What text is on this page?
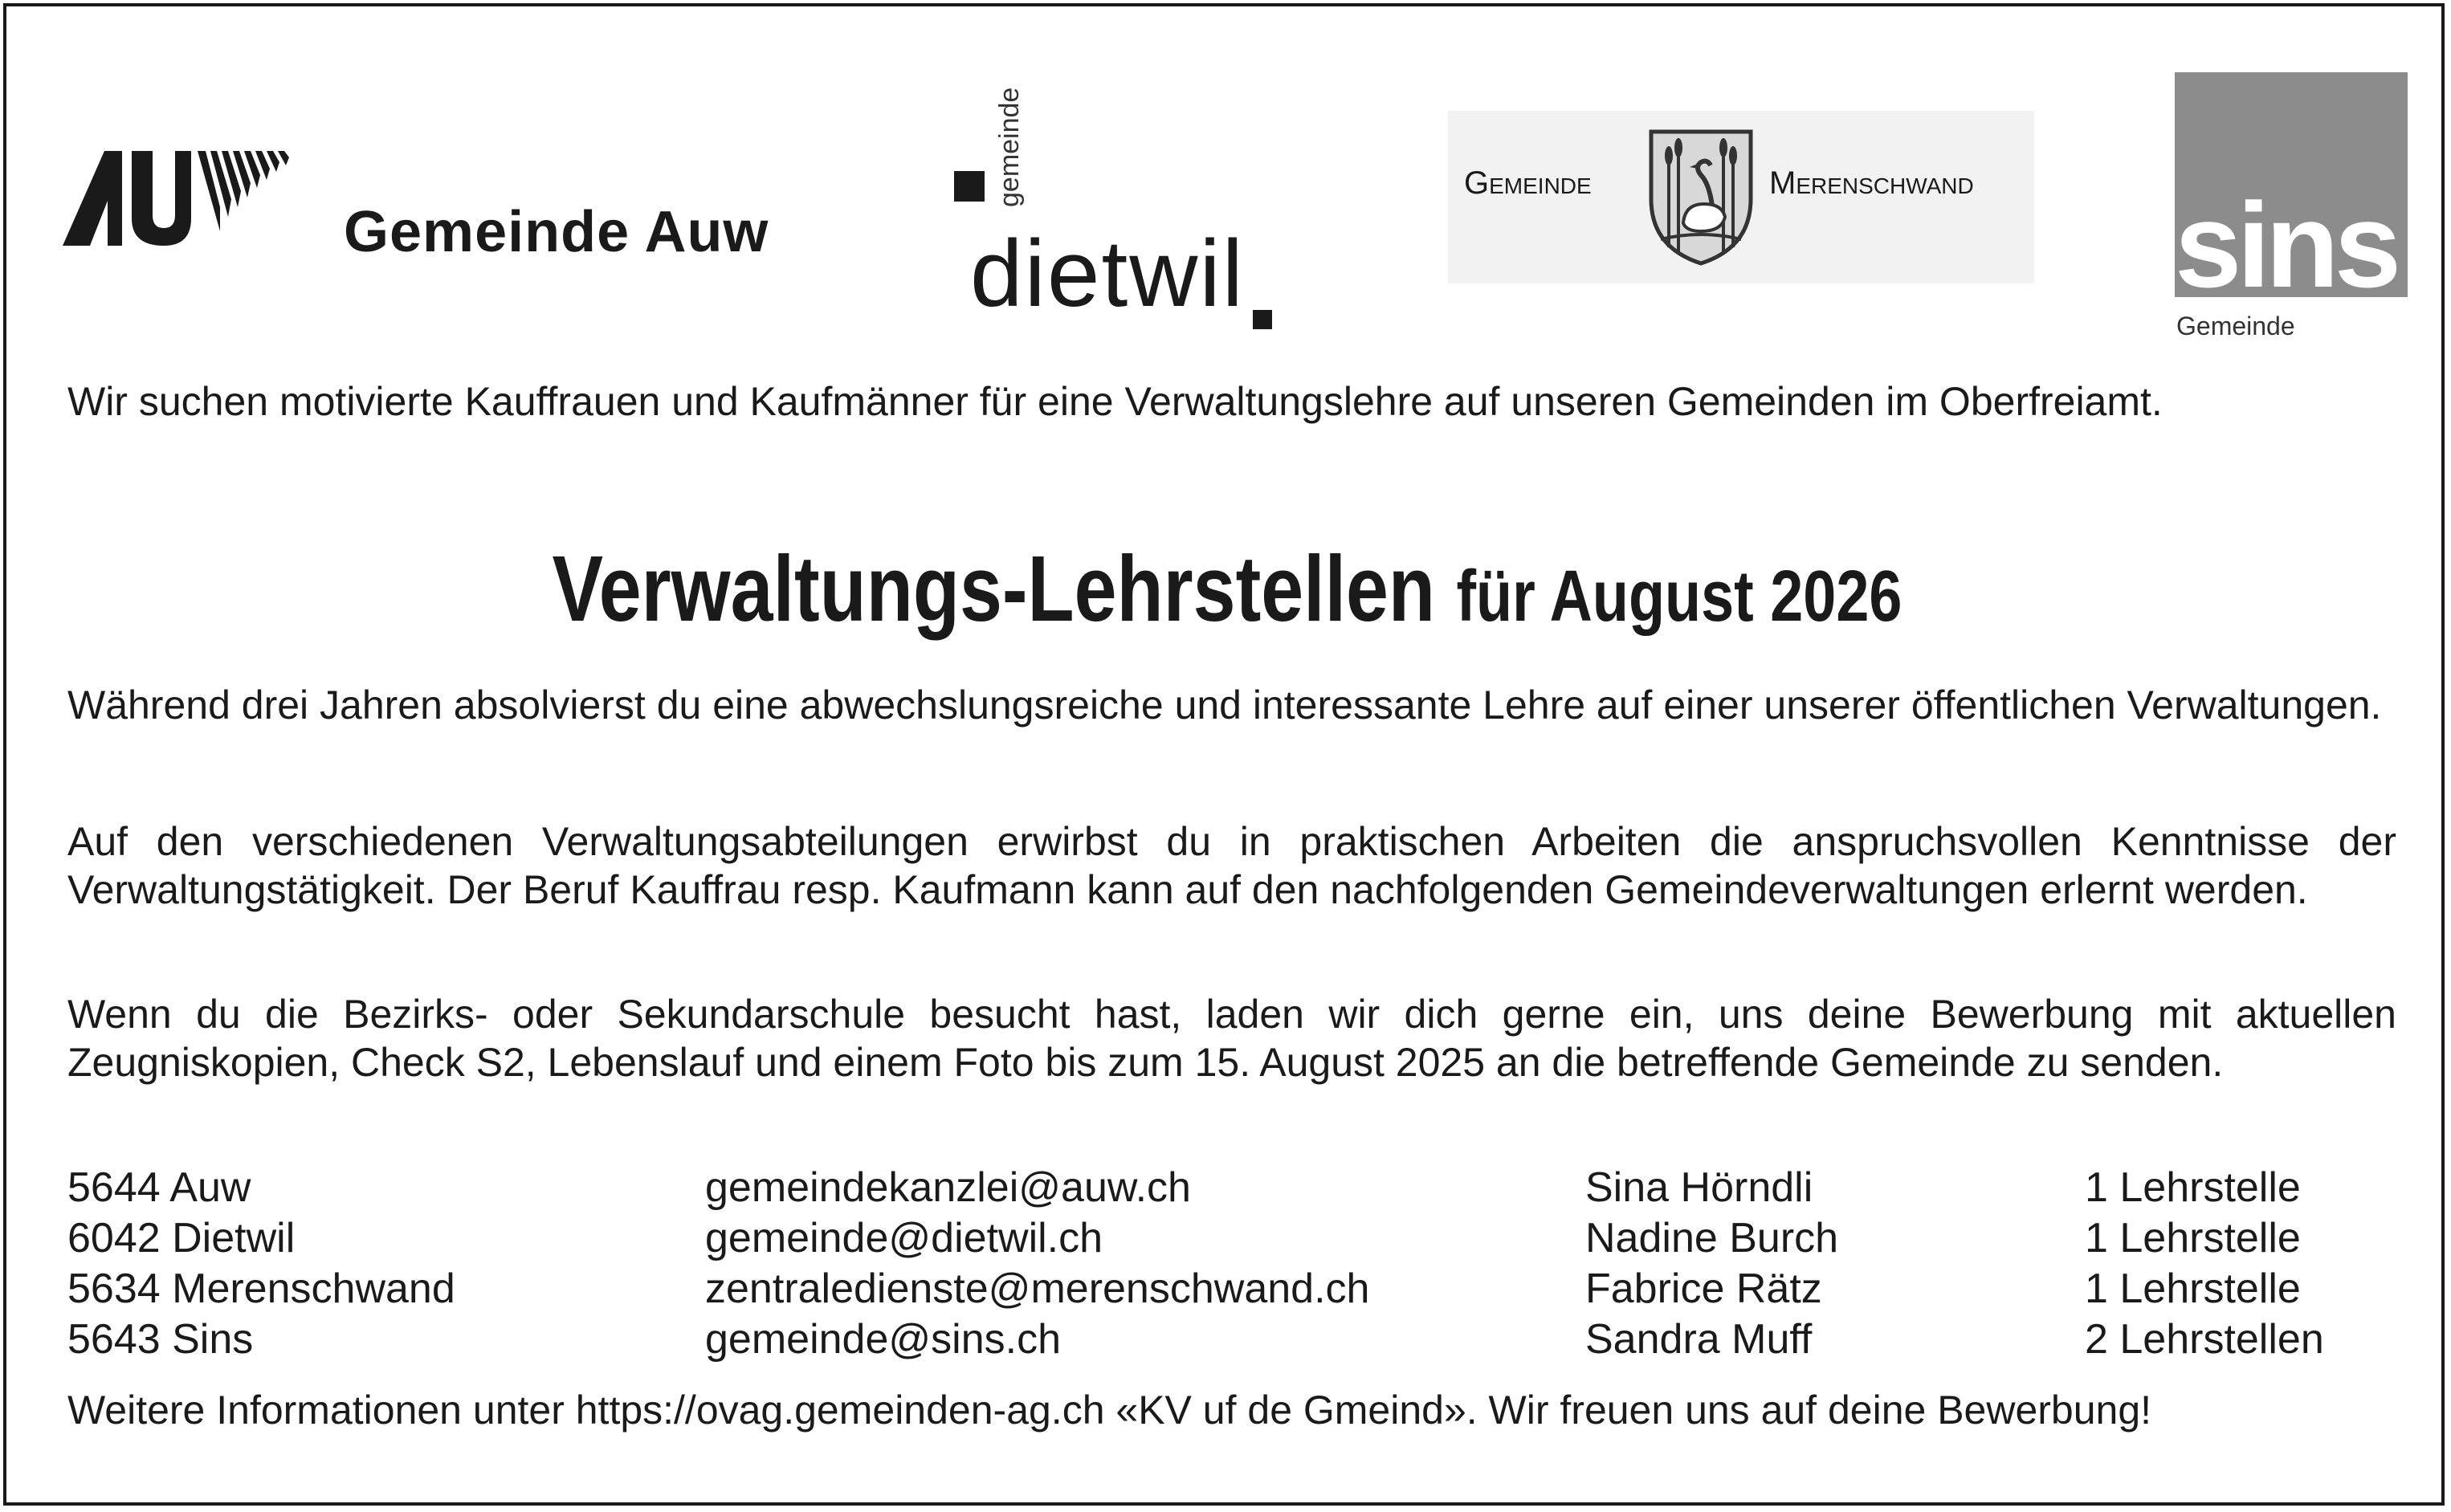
Gemeinde Auw
gemeinde
dietwil
Gemeinde	Merenschwand sins
Gemeinde

Wir suchen motivierte Kauffrauen und Kaufmänner für eine Verwaltungslehre auf unseren Gemeinden im Oberfreiamt.

Verwaltungs-Lehrstellen für August 2026

Während drei Jahren absolvierst du eine abwechslungsreiche und interessante Lehre auf einer unserer öffentlichen Verwaltungen.

Auf den verschiedenen Verwaltungsabteilungen erwirbst du in praktischen Arbeiten die anspruchsvollen Kenntnisse der Verwaltungstätigkeit. Der Beruf Kauffrau resp. Kaufmann kann auf den nachfolgenden Gemeindeverwaltungen erlernt werden.

Wenn du die Bezirks- oder Sekundarschule besucht hast, laden wir dich gerne ein, uns deine Bewerbung mit aktuellen Zeugniskopien, Check S2, Lebenslauf und einem Foto bis zum 15. August 2025 an die betreffende Gemeinde zu senden.

5644 Auw	gemeindekanzlei@auw.ch	Sina Hörndli	1 Lehrstelle
6042 Dietwil	gemeinde@dietwil.ch	Nadine Burch	1 Lehrstelle
5634 Merenschwand	zentraledienste@merenschwand.ch	Fabrice Rätz	1 Lehrstelle
5643 Sins	gemeinde@sins.ch	Sandra Muff	2 Lehrstellen

Weitere Informationen unter https://ovag.gemeinden-ag.ch «KV uf de Gmeind». Wir freuen uns auf deine Bewerbung!
